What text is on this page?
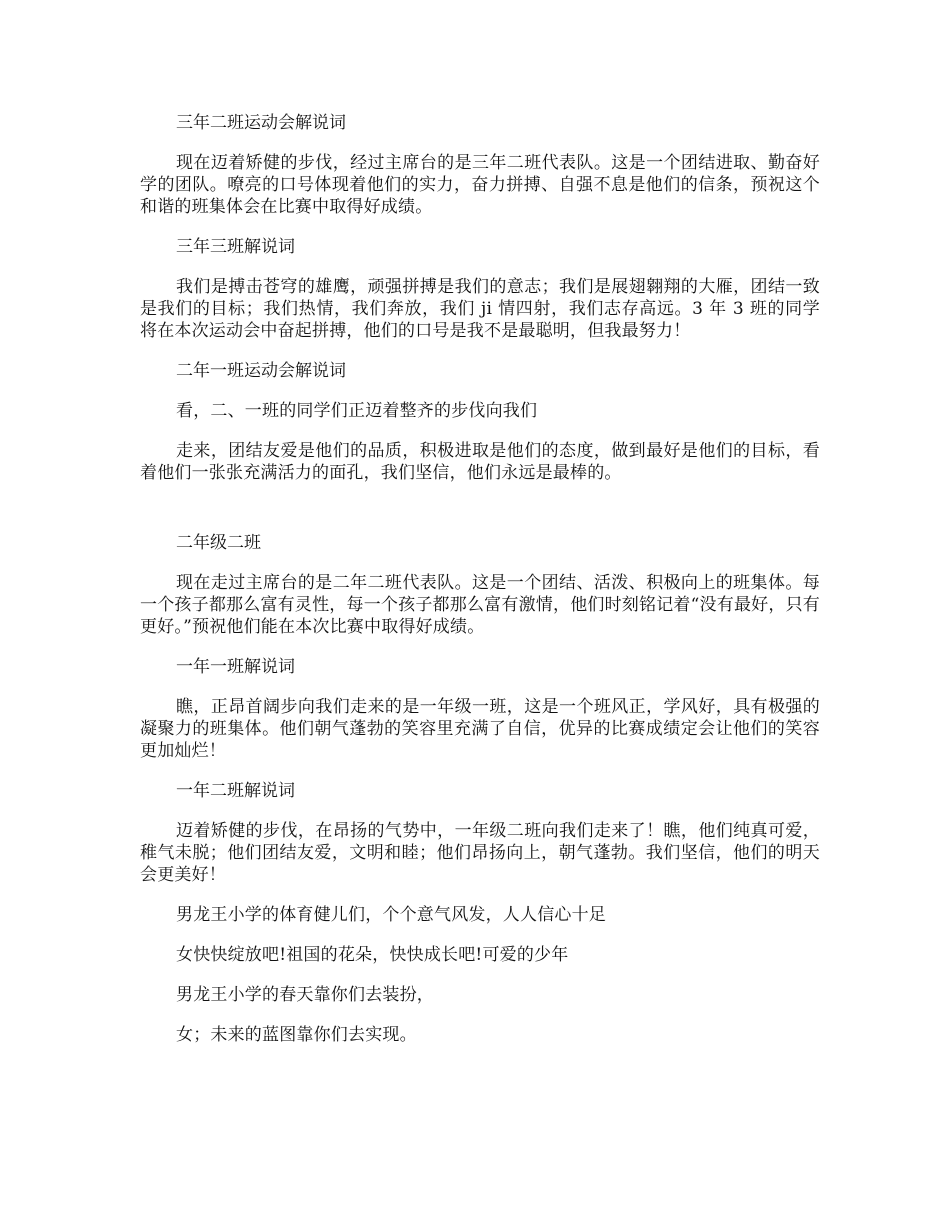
三年二班运动会解说词

现在迈着矫健的步伐，经过主席台的是三年二班代表队。这是一个团结进取、勤奋好学的团队。嘹亮的口号体现着他们的实力，奋力拼搏、自强不息是他们的信条，预祝这个和谐的班集体会在比赛中取得好成绩。

三年三班解说词

我们是搏击苍穹的雄鹰，顽强拼搏是我们的意志；我们是展翅翱翔的大雁，团结一致是我们的目标；我们热情，我们奔放，我们 ji 情四射，我们志存高远。3 年 3 班的同学将在本次运动会中奋起拼搏，他们的口号是我不是最聪明，但我最努力！

二年一班运动会解说词

看，二、一班的同学们正迈着整齐的步伐向我们

走来，团结友爱是他们的品质，积极进取是他们的态度，做到最好是他们的目标，看着他们一张张充满活力的面孔，我们坚信，他们永远是最棒的。

二年级二班

现在走过主席台的是二年二班代表队。这是一个团结、活泼、积极向上的班集体。每一个孩子都那么富有灵性，每一个孩子都那么富有激情，他们时刻铭记着“没有最好，只有更好。”预祝他们能在本次比赛中取得好成绩。

一年一班解说词

瞧，正昂首阔步向我们走来的是一年级一班，这是一个班风正，学风好，具有极强的凝聚力的班集体。他们朝气蓬勃的笑容里充满了自信，优异的比赛成绩定会让他们的笑容更加灿烂！

一年二班解说词

迈着矫健的步伐，在昂扬的气势中，一年级二班向我们走来了！瞧，他们纯真可爱，稚气未脱；他们团结友爱，文明和睦；他们昂扬向上，朝气蓬勃。我们坚信，他们的明天会更美好！

男龙王小学的体育健儿们，个个意气风发，人人信心十足

女快快绽放吧!祖国的花朵，快快成长吧!可爱的少年

男龙王小学的春天靠你们去装扮，

女；未来的蓝图靠你们去实现。
